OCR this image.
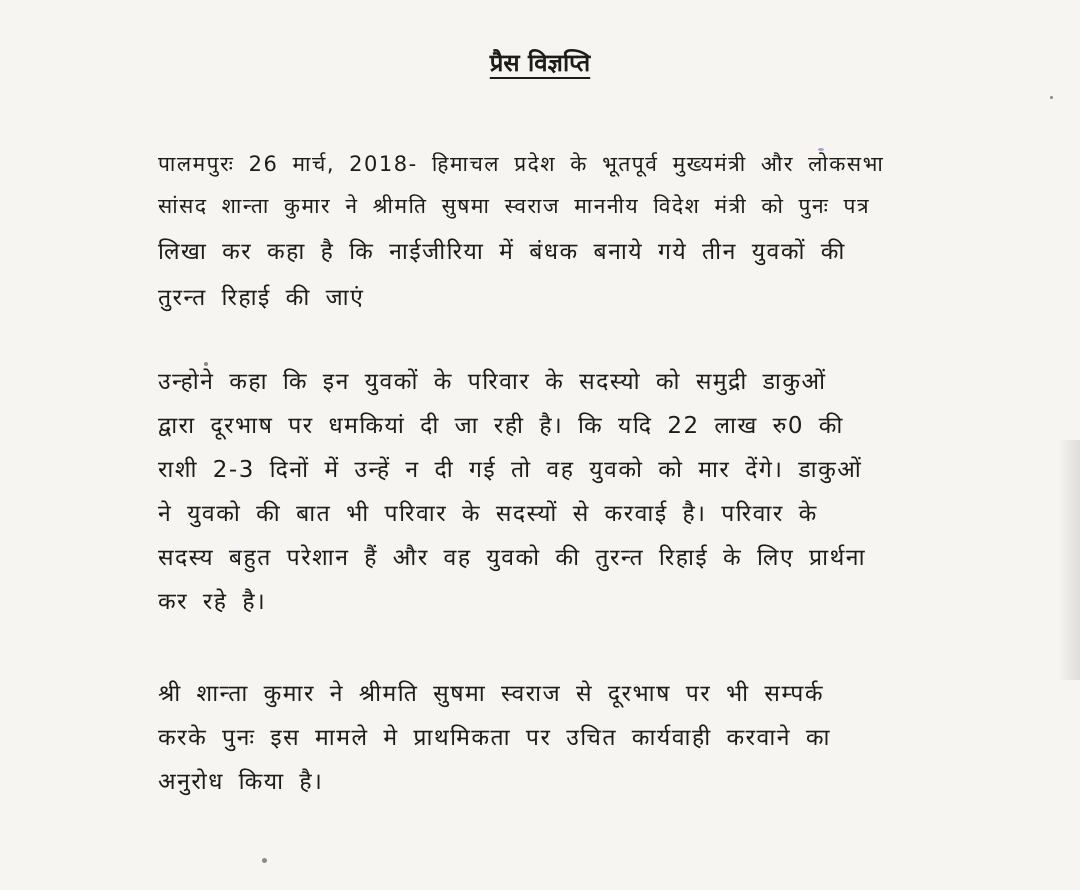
प्रैस विज्ञप्ति
पालमपुरः 26 मार्च, 2018- हिमाचल प्रदेश के भूतपूर्व मुख्यमंत्री और लोकसभा
सांसद शान्ता कुमार ने श्रीमति सुषमा स्वराज माननीय विदेश मंत्री को पुनः पत्र
लिखा कर कहा है कि नाईजीरिया में बंधक बनाये गये तीन युवकों की
तुरन्त रिहाई की जाएं
उन्होने कहा कि इन युवकों के परिवार के सदस्यो को समुद्री डाकुओं
द्वारा दूरभाष पर धमकियां दी जा रही है। कि यदि 22 लाख रु0 की
राशी 2-3 दिनों में उन्हें न दी गई तो वह युवको को मार देंगे। डाकुओं
ने युवको की बात भी परिवार के सदस्यों से करवाई है। परिवार के
सदस्य बहुत परेशान हैं और वह युवको की तुरन्त रिहाई के लिए प्रार्थना
कर रहे है।
श्री शान्ता कुमार ने श्रीमति सुषमा स्वराज से दूरभाष पर भी सम्पर्क
करके पुनः इस मामले मे प्राथमिकता पर उचित कार्यवाही करवाने का
अनुरोध किया है।
